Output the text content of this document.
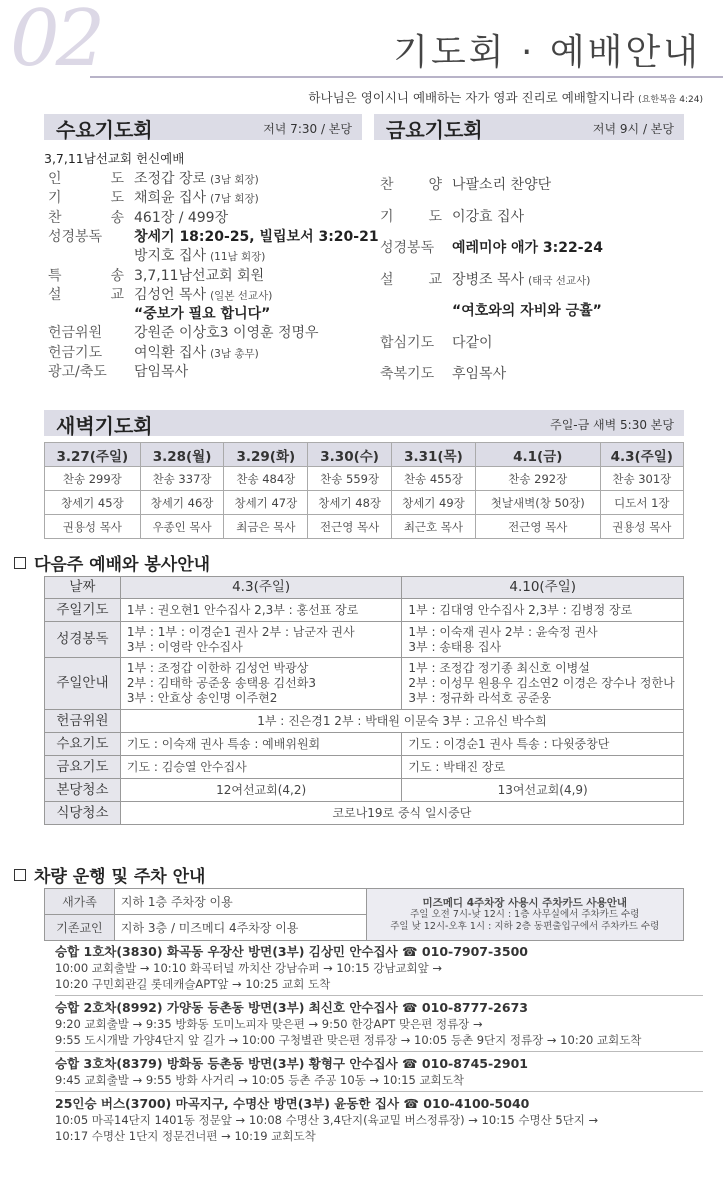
02	기도회 · 예배안내
하나님은 영이시니 예배하는 자가 영과 진리로 예배할지니라 (요한복음 4:24)
수요기도회	저녁 7:30 / 본당
3,7,11남선교회 헌신예배
인 도 조정갑 장로 (3남 회장)
기 도 채희윤 집사 (7남 회장)
찬 송 461장 / 499장
성경봉독 창세기 18:20-25, 빌립보서 3:20-21
방지호 집사 (11남 회장)
특 송 3,7,11남선교회 회원
설 교 김성언 목사 (일본 선교사)
“중보가 필요 합니다”
헌금위원 강원준 이상호3 이영훈 정명우
헌금기도 여익환 집사 (3남 총무)
광고/축도 담임목사
금요기도회	저녁 9시 / 본당
찬 양 나팔소리 찬양단
기 도 이강효 집사
성경봉독 예레미야 애가 3:22-24
설 교 장병조 목사 (태국 선교사)
“여호와의 자비와 긍휼”
합심기도 다같이
축복기도 후임목사
새벽기도회	주일-금 새벽 5:30 본당
3.27(주일)	3.28(월)	3.29(화)	3.30(수)	3.31(목)	4.1(금)	4.3(주일)
찬송 299장	찬송 337장	찬송 484장	찬송 559장	찬송 455장	찬송 292장	찬송 301장
창세기 45장	창세기 46장	창세기 47장	창세기 48장	창세기 49장	첫날새벽(창 50장)	디도서 1장
권용성 목사	우종인 목사	최금은 목사	전근영 목사	최근호 목사	전근영 목사	권용성 목사
다음주 예배와 봉사안내
날짜	4.3(주일)	4.10(주일)
주일기도	1부 : 권오현1 안수집사 2,3부 : 홍선표 장로	1부 : 김대영 안수집사 2,3부 : 김병정 장로
성경봉독	1부 : 1부 : 이경순1 권사 2부 : 남군자 권사
3부 : 이영락 안수집사	1부 : 이숙재 권사 2부 : 윤숙정 권사
3부 : 송태용 집사
주일안내	1부 : 조정갑 이한하 김성언 박광상
2부 : 김태학 공준웅 송택용 김선화3
3부 : 안효상 송인명 이주현2	1부 : 조정갑 정기종 최신호 이병설
2부 : 이성무 원용우 김소연2 이경은 장수나 정한나
3부 : 정규화 라석호 공준웅
헌금위원	1부 : 진은경1 2부 : 박태원 이문숙 3부 : 고유신 박수희	
수요기도	기도 : 이숙재 권사 특송 : 예배위원회	기도 : 이경순1 권사 특송 : 다윗중창단
금요기도	기도 : 김승열 안수집사	기도 : 박태진 장로
본당청소	12여선교회(4,2)	13여선교회(4,9)
식당청소	코로나19로 중식 일시중단	
차량 운행 및 주차 안내
새가족	지하 1층 주차장 이용	미즈메디 4주차장 사용시 주차카드 사용안내
주일 오전 7시-낮 12시 : 1층 사무실에서 주차카드 수령
주일 낮 12시-오후 1시 : 지하 2층 동편출입구에서 주차카드 수령

기존교인	지하 3층 / 미즈메디 4주차장 이용	
승합 1호차(3830) 화곡동 우장산 방면(3부) 김상민 안수집사 ☎ 010-7907-3500
10:00 교회출발 → 10:10 화곡터널 까치산 강남슈퍼 → 10:15 강남교회앞 →
10:20 구민회관길 롯데캐슬APT앞 → 10:25 교회 도착
승합 2호차(8992) 가양동 등촌동 방면(3부) 최신호 안수집사 ☎ 010-8777-2673
9:20 교회출발 → 9:35 방화동 도미노피자 맞은편 → 9:50 한강APT 맞은편 정류장 →
9:55 도시개발 가양4단지 앞 길가 → 10:00 구청별관 맞은편 정류장 → 10:05 등촌 9단지 정류장 → 10:20 교회도착
승합 3호차(8379) 방화동 등촌동 방면(3부) 황형구 안수집사 ☎ 010-8745-2901
9:45 교회출발 → 9:55 방화 사거리 → 10:05 등촌 주공 10동 → 10:15 교회도착
25인승 버스(3700) 마곡지구, 수명산 방면(3부) 윤동한 집사 ☎ 010-4100-5040
10:05 마곡14단지 1401동 정문앞 → 10:08 수명산 3,4단지(육교밑 버스정류장) → 10:15 수명산 5단지 →
10:17 수명산 1단지 정문건너편 → 10:19 교회도착
